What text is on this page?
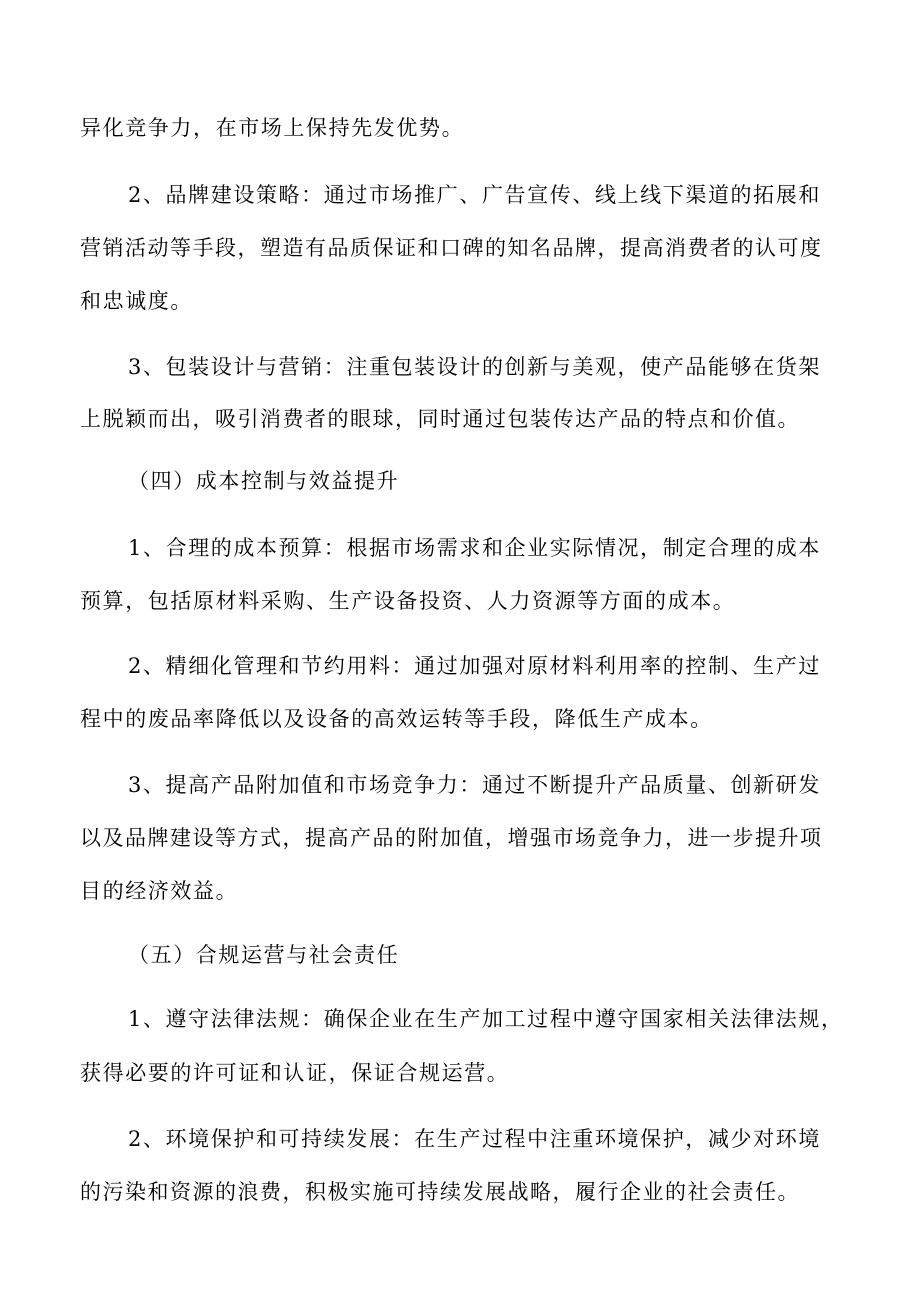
异化竞争力，在市场上保持先发优势。
2、品牌建设策略：通过市场推广、广告宣传、线上线下渠道的拓展和
营销活动等手段，塑造有品质保证和口碑的知名品牌，提高消费者的认可度
和忠诚度。
3、包装设计与营销：注重包装设计的创新与美观，使产品能够在货架
上脱颖而出，吸引消费者的眼球，同时通过包装传达产品的特点和价值。
（四）成本控制与效益提升
1、合理的成本预算：根据市场需求和企业实际情况，制定合理的成本
预算，包括原材料采购、生产设备投资、人力资源等方面的成本。
2、精细化管理和节约用料：通过加强对原材料利用率的控制、生产过
程中的废品率降低以及设备的高效运转等手段，降低生产成本。
3、提高产品附加值和市场竞争力：通过不断提升产品质量、创新研发
以及品牌建设等方式，提高产品的附加值，增强市场竞争力，进一步提升项
目的经济效益。
（五）合规运营与社会责任
1、遵守法律法规：确保企业在生产加工过程中遵守国家相关法律法规，
获得必要的许可证和认证，保证合规运营。
2、环境保护和可持续发展：在生产过程中注重环境保护，减少对环境
的污染和资源的浪费，积极实施可持续发展战略，履行企业的社会责任。
